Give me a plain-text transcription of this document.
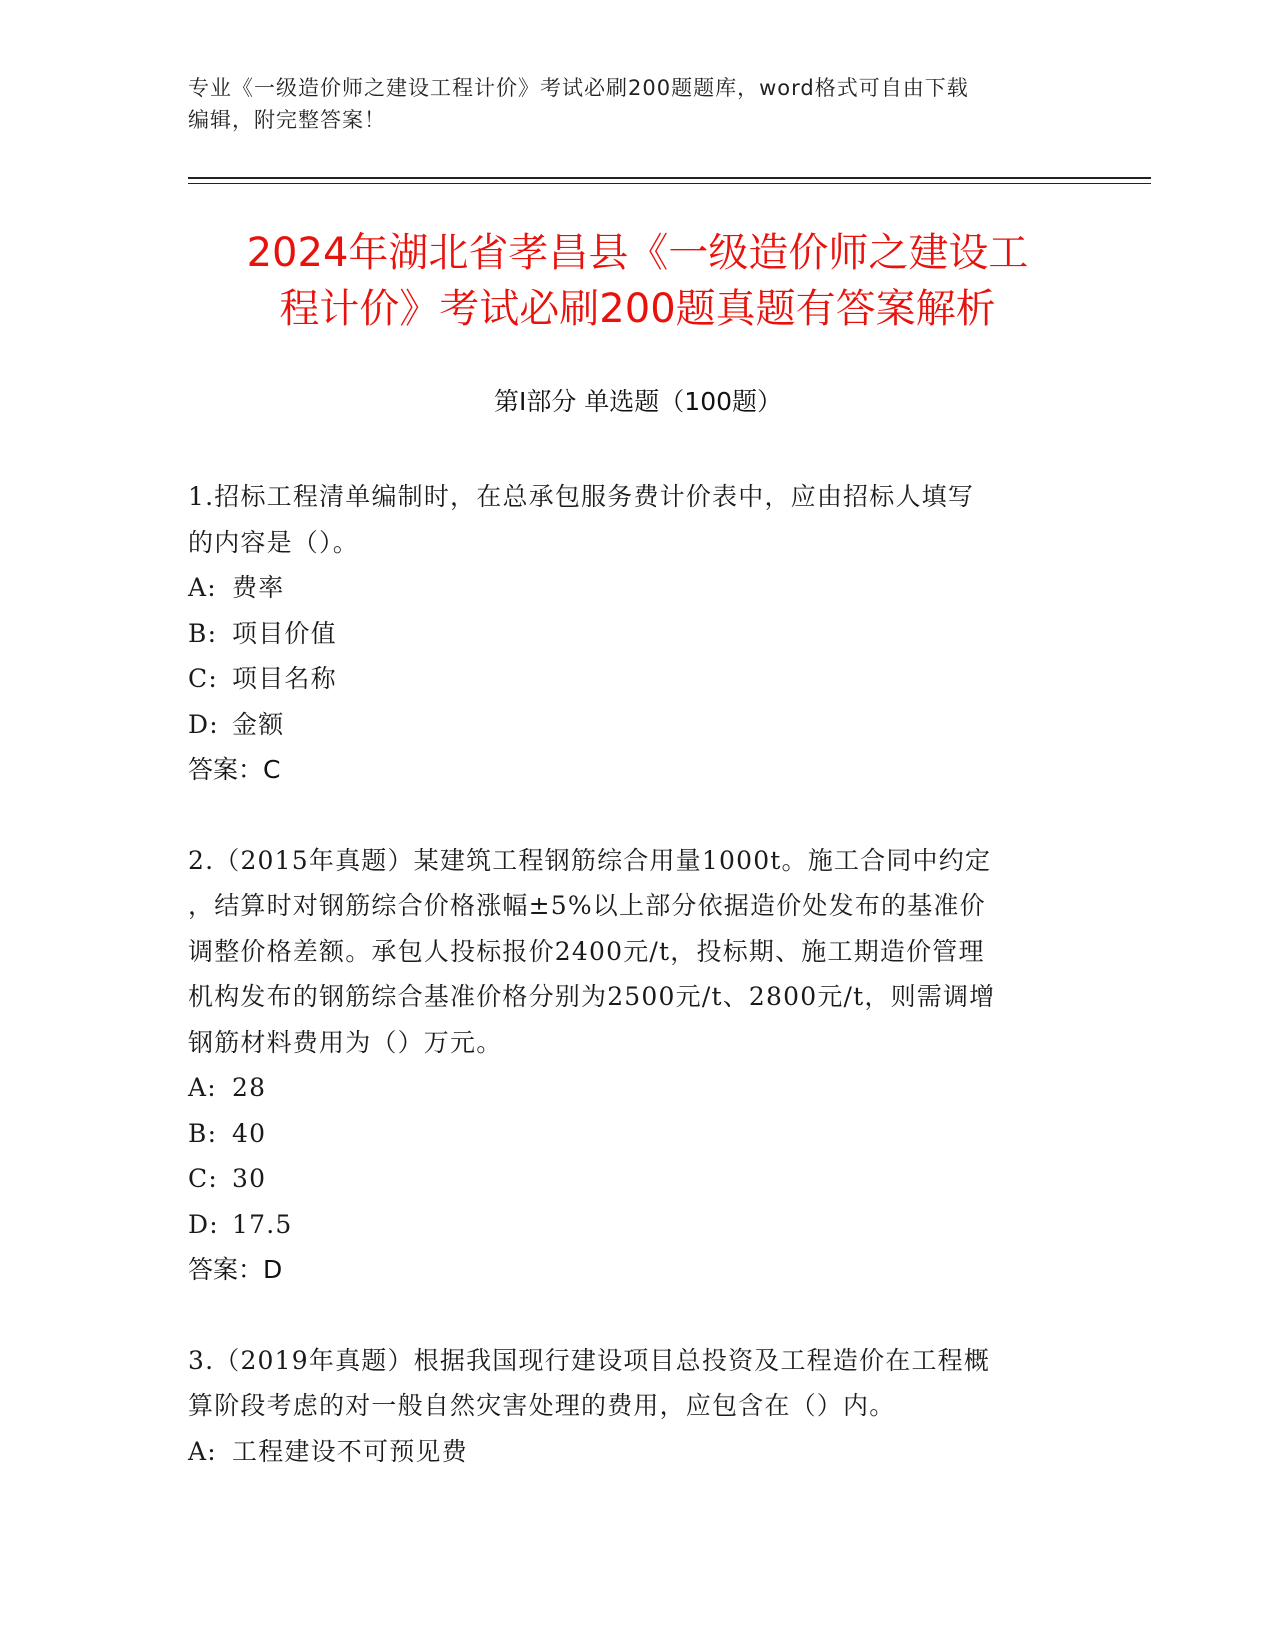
专业《一级造价师之建设工程计价》考试必刷200题题库，word格式可自由下载
编辑，附完整答案！
2024年湖北省孝昌县《一级造价师之建设工
程计价》考试必刷200题真题有答案解析
第Ⅰ部分 单选题（100题）
1.招标工程清单编制时，在总承包服务费计价表中，应由招标人填写
的内容是（）。
A: 费率
B: 项目价值
C: 项目名称
D: 金额
答案：C
2.（2015年真题）某建筑工程钢筋综合用量1000t。施工合同中约定
，结算时对钢筋综合价格涨幅±5%以上部分依据造价处发布的基准价
调整价格差额。承包人投标报价2400元/t，投标期、施工期造价管理
机构发布的钢筋综合基准价格分别为2500元/t、2800元/t，则需调增
钢筋材料费用为（）万元。
A: 28
B: 40
C: 30
D: 17.5
答案：D
3.（2019年真题）根据我国现行建设项目总投资及工程造价在工程概
算阶段考虑的对一般自然灾害处理的费用，应包含在（）内。
A: 工程建设不可预见费
